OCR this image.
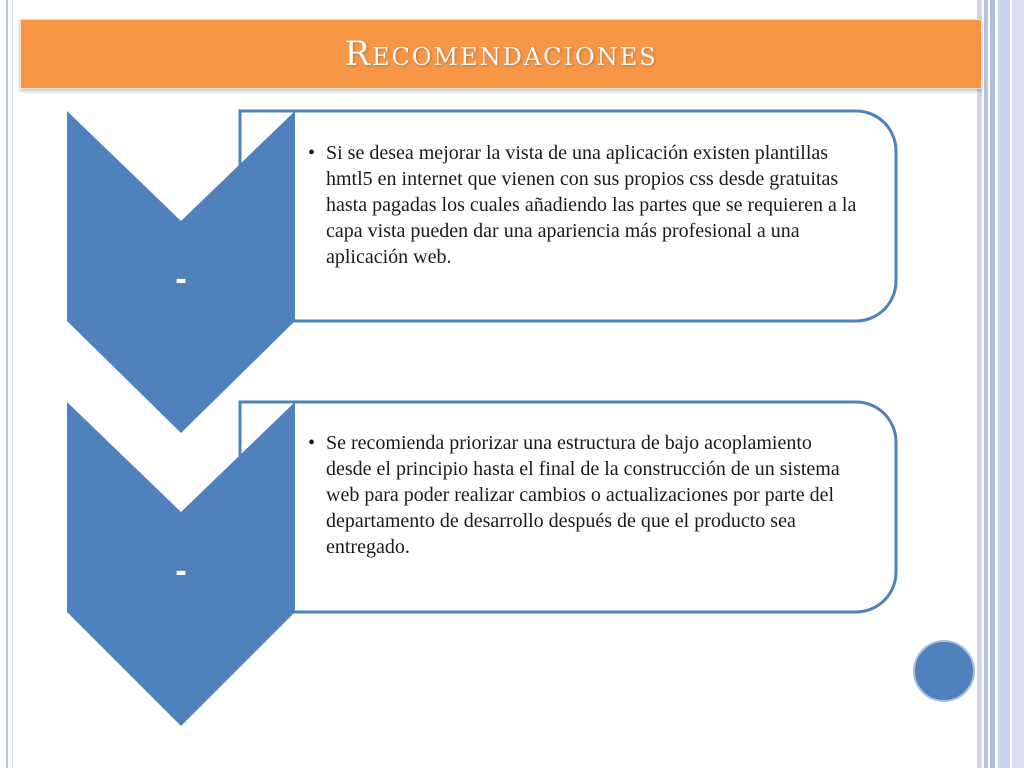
Recomendaciones
-
-
• Si se desea mejorar la vista de una aplicación existen plantillas hmtl5 en internet que vienen con sus propios css desde gratuitas hasta pagadas los cuales añadiendo las partes que se requieren a la capa vista pueden dar una apariencia más profesional a una aplicación web.
• Se recomienda priorizar una estructura de bajo acoplamiento desde el principio hasta el final de la construcción de un sistema web para poder realizar cambios o actualizaciones por parte del departamento de desarrollo después de que el producto sea entregado.
